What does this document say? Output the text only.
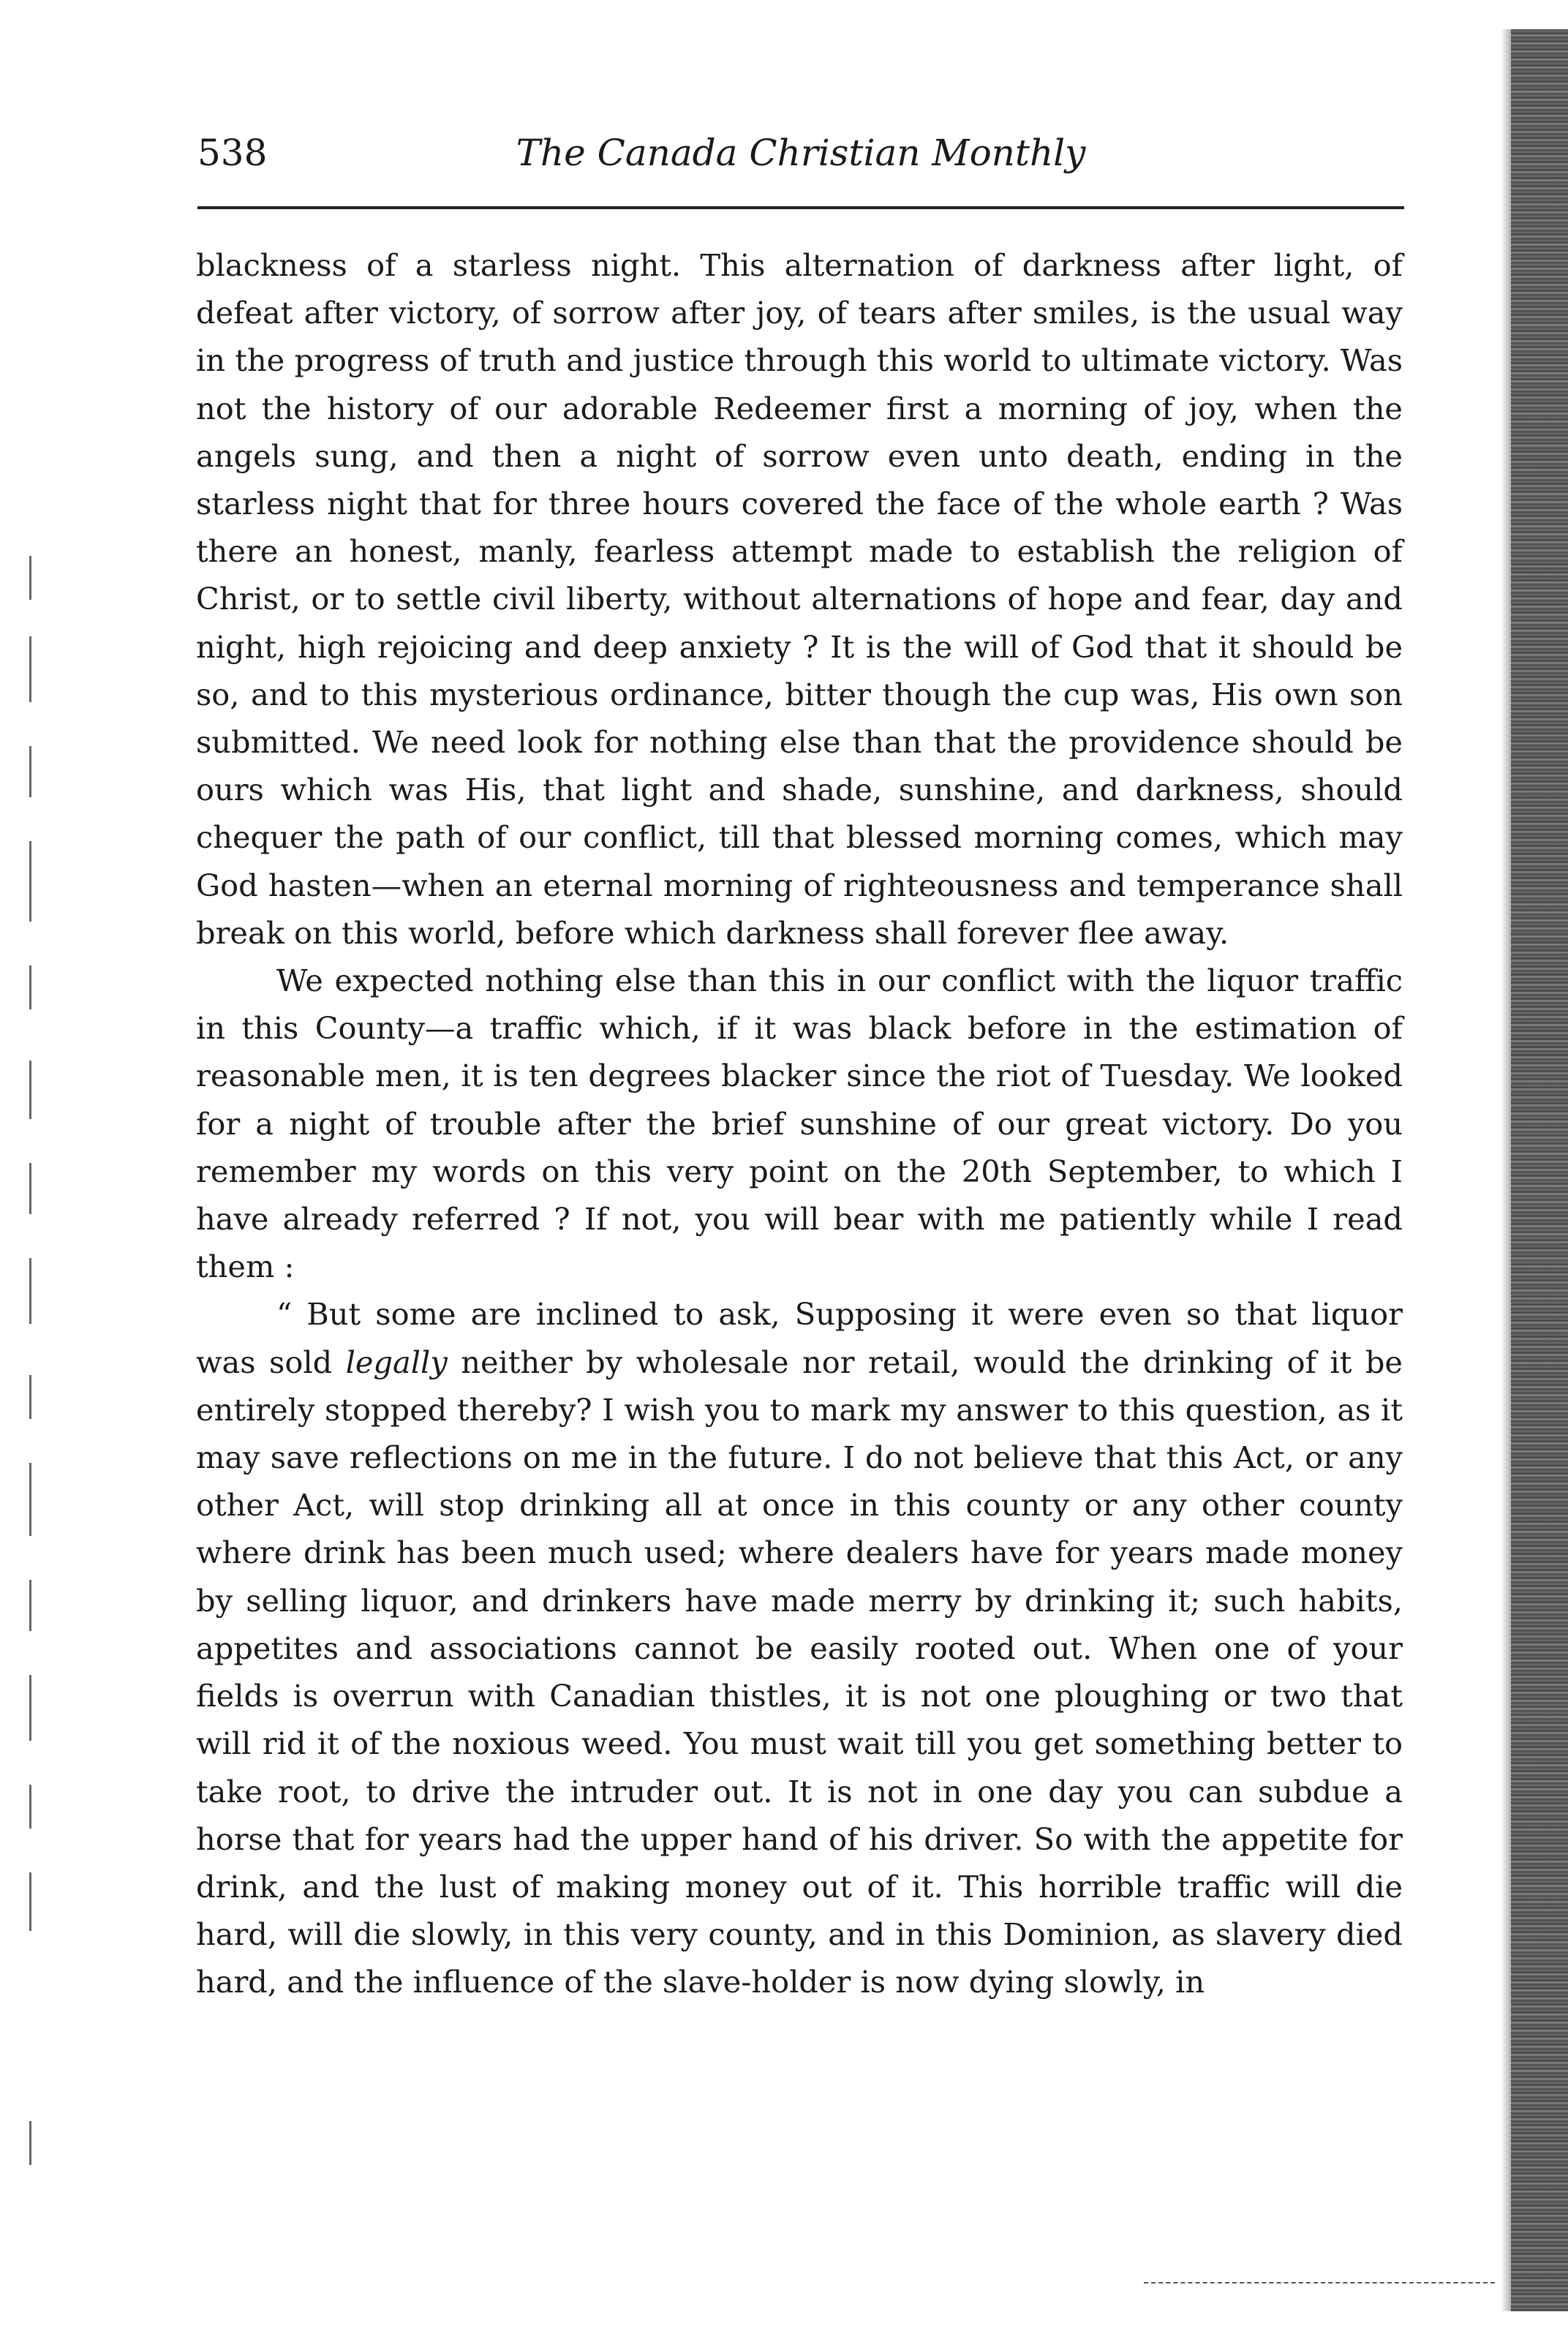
538	The Canada Christian Monthly

blackness of a starless night. This alternation of darkness after light, of defeat after victory, of sorrow after joy, of tears after smiles, is the usual way in the progress of truth and justice through this world to ultimate victory. Was not the history of our adorable Redeemer first a morning of joy, when the angels sung, and then a night of sorrow even unto death, ending in the starless night that for three hours covered the face of the whole earth ? Was there an honest, manly, fearless attempt made to establish the religion of Christ, or to settle civil liberty, without alternations of hope and fear, day and night, high rejoicing and deep anxiety ? It is the will of God that it should be so, and to this mysterious ordinance, bitter though the cup was, His own son submitted. We need look for nothing else than that the providence should be ours which was His, that light and shade, sunshine, and darkness, should chequer the path of our conflict, till that blessed morning comes, which may God hasten—when an eternal morning of righteousness and temperance shall break on this world, before which darkness shall forever flee away.

We expected nothing else than this in our conflict with the liquor traffic in this County—a traffic which, if it was black before in the estimation of reasonable men, it is ten degrees blacker since the riot of Tuesday. We looked for a night of trouble after the brief sunshine of our great victory. Do you remember my words on this very point on the 20th September, to which I have already referred ? If not, you will bear with me patiently while I read them :

“ But some are inclined to ask, Supposing it were even so that liquor was sold legally neither by wholesale nor retail, would the drinking of it be entirely stopped thereby? I wish you to mark my answer to this question, as it may save reflections on me in the future. I do not believe that this Act, or any other Act, will stop drinking all at once in this county or any other county where drink has been much used; where dealers have for years made money by selling liquor, and drinkers have made merry by drinking it; such habits, appetites and associations cannot be easily rooted out. When one of your fields is overrun with Canadian thistles, it is not one ploughing or two that will rid it of the noxious weed. You must wait till you get something better to take root, to drive the intruder out. It is not in one day you can subdue a horse that for years had the upper hand of his driver. So with the appetite for drink, and the lust of making money out of it. This horrible traffic will die hard, will die slowly, in this very county, and in this Dominion, as slavery died hard, and the influence of the slave-holder is now dying slowly, in
